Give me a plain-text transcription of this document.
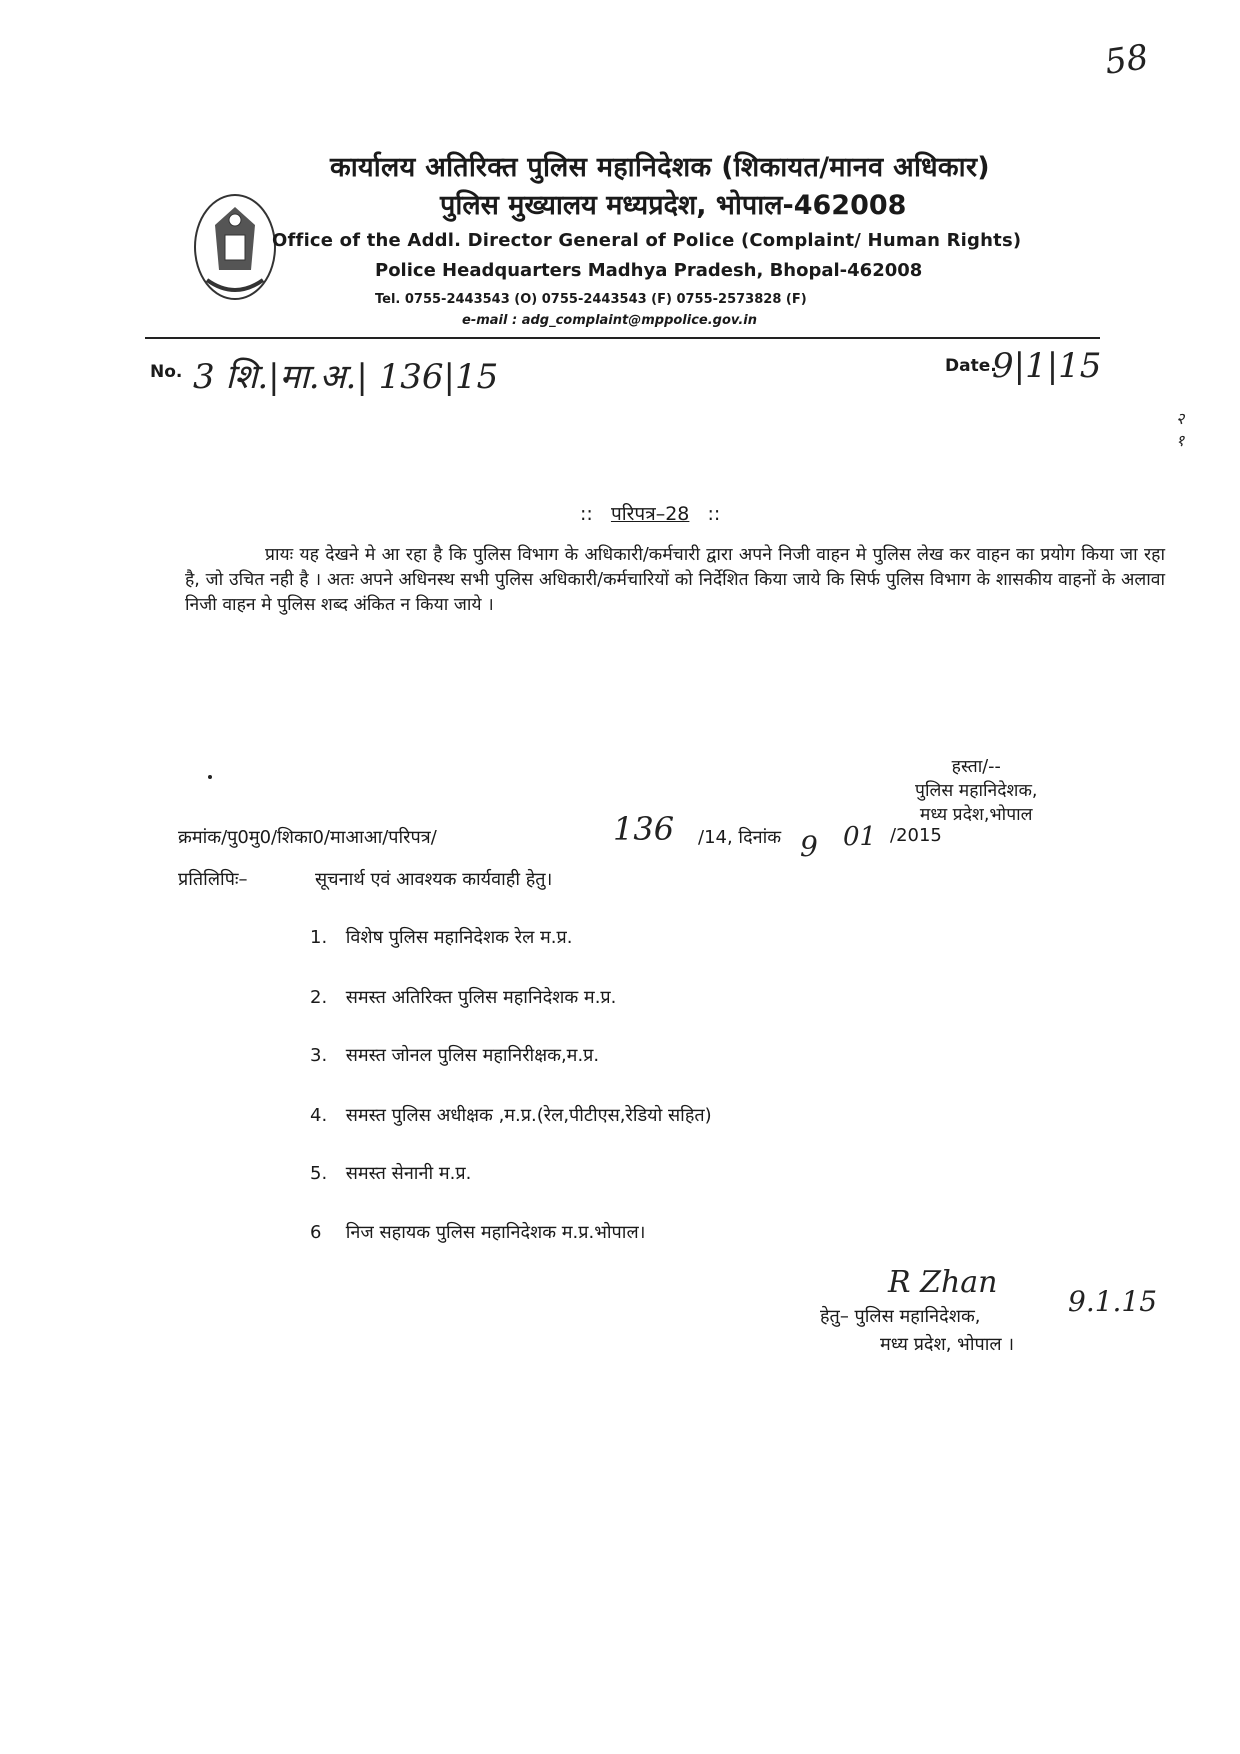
58
कार्यालय अतिरिक्त पुलिस महानिदेशक (शिकायत/मानव अधिकार)
पुलिस मुख्यालय मध्यप्रदेश, भोपाल-462008
Office of the Addl. Director General of Police (Complaint/ Human Rights)
Police Headquarters Madhya Pradesh, Bhopal-462008
Tel. 0755-2443543 (O) 0755-2443543 (F) 0755-2573828 (F)
e-mail : adg_complaint@mppolice.gov.in
No. 3 शि.|मा.अ.| 136|15	Date.
9|1|15
२
१
:: परिपत्र–28 ::
प्रायः यह देखने मे आ रहा है कि पुलिस विभाग के अधिकारी/कर्मचारी द्वारा अपने निजी वाहन मे पुलिस लेख कर वाहन का प्रयोग किया जा रहा है, जो उचित नही है । अतः अपने अधिनस्थ सभी पुलिस अधिकारी/कर्मचारियों को निर्देशित किया जाये कि सिर्फ पुलिस विभाग के शासकीय वाहनों के अलावा निजी वाहन मे पुलिस शब्द अंकित न किया जाये ।
हस्ता/--
पुलिस महानिदेशक,
मध्य प्रदेश,भोपाल
क्रमांक/पु0मु0/शिका0/माआआ/परिपत्र/	136 /14, दिनांक 9 01 /2015
प्रतिलिपिः–	सूचनार्थ एवं आवश्यक कार्यवाही हेतु।
1. विशेष पुलिस महानिदेशक रेल म.प्र.
2. समस्त अतिरिक्त पुलिस महानिदेशक म.प्र.
3. समस्त जोनल पुलिस महानिरीक्षक,म.प्र.
4. समस्त पुलिस अधीक्षक ,म.प्र.(रेल,पीटीएस,रेडियो सहित)
5. समस्त सेनानी म.प्र.
6 निज सहायक पुलिस महानिदेशक म.प्र.भोपाल।
R Zhan
9.1.15
हेतु– पुलिस महानिदेशक,
मध्य प्रदेश, भोपाल ।
